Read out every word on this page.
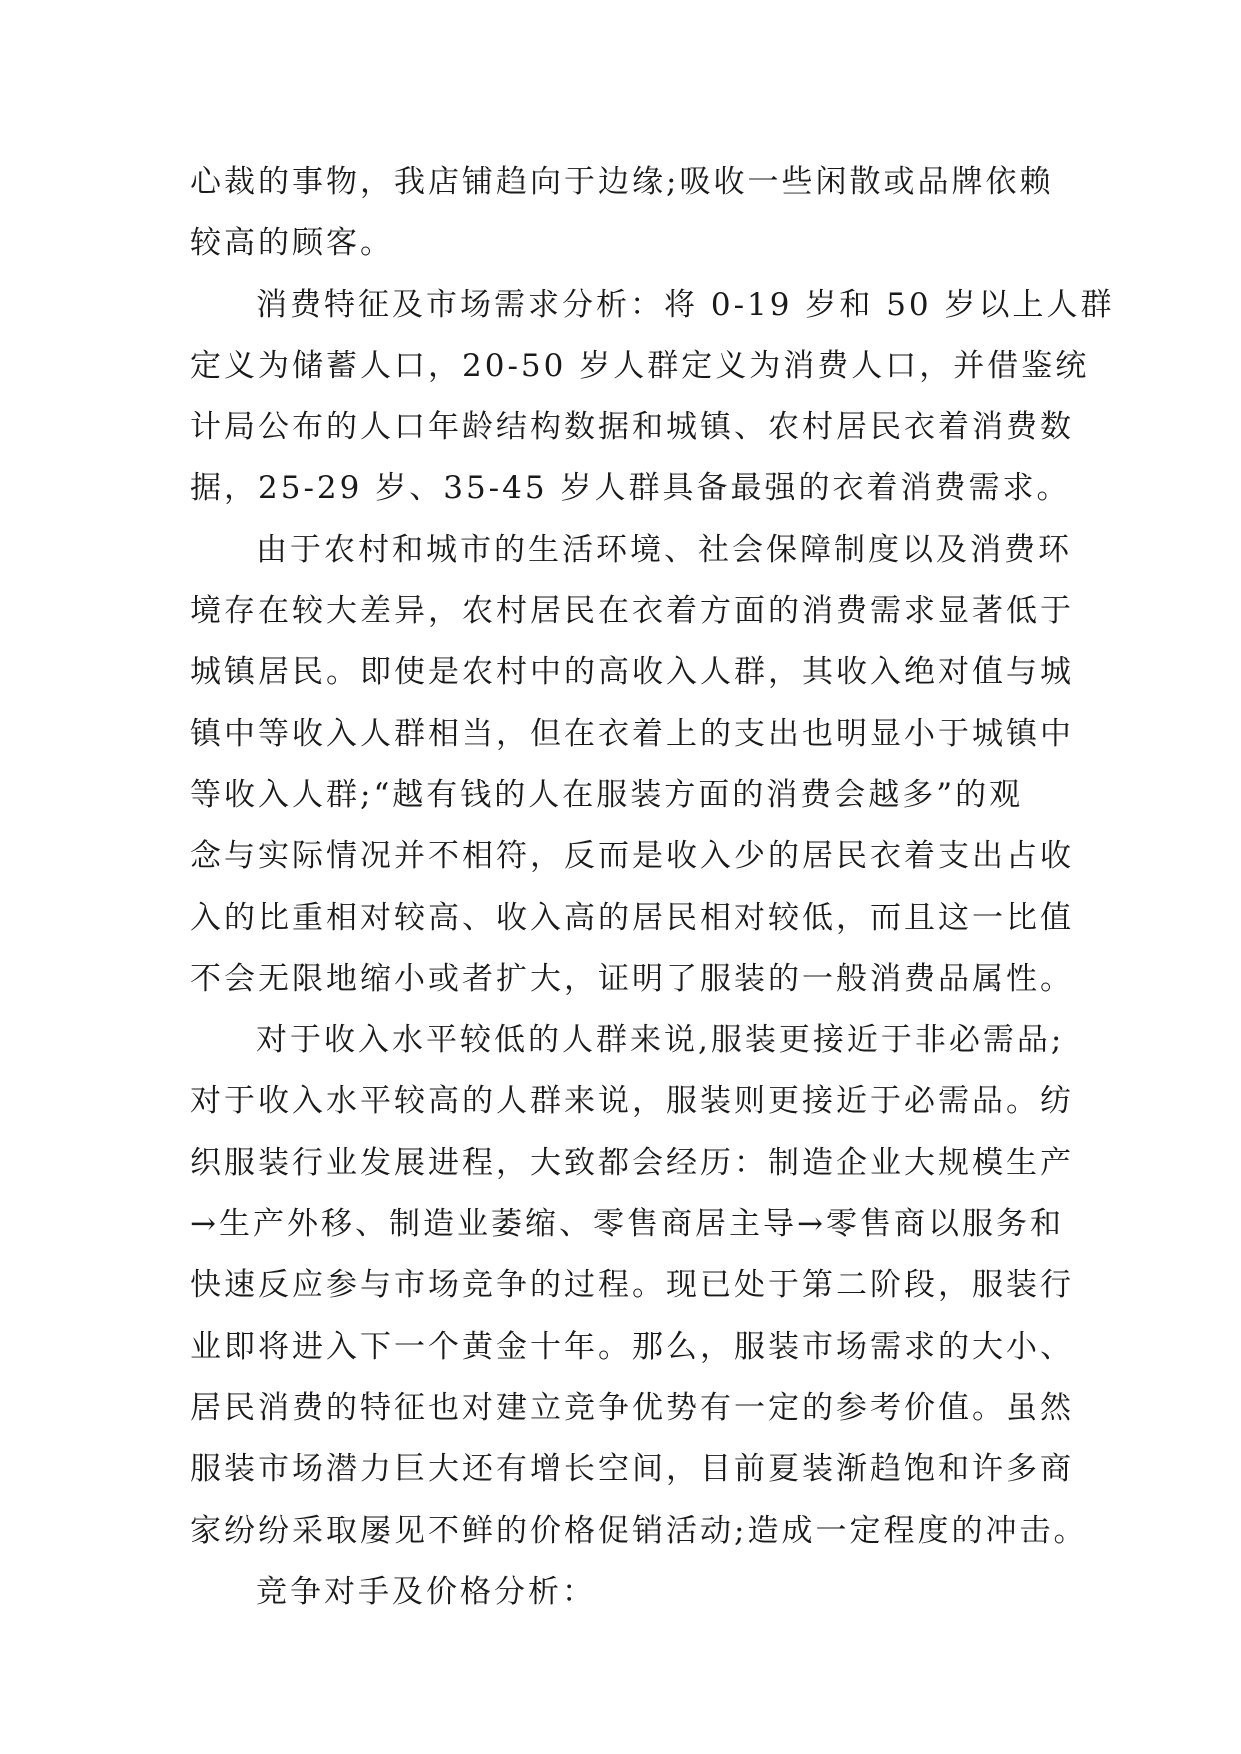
心裁的事物，我店铺趋向于边缘;吸收一些闲散或品牌依赖
较高的顾客。
消费特征及市场需求分析：将 0-19 岁和 50 岁以上人群
定义为储蓄人口，20-50 岁人群定义为消费人口，并借鉴统
计局公布的人口年龄结构数据和城镇、农村居民衣着消费数
据，25-29 岁、35-45 岁人群具备最强的衣着消费需求。
由于农村和城市的生活环境、社会保障制度以及消费环
境存在较大差异，农村居民在衣着方面的消费需求显著低于
城镇居民。即使是农村中的高收入人群，其收入绝对值与城
镇中等收入人群相当，但在衣着上的支出也明显小于城镇中
等收入人群;“越有钱的人在服装方面的消费会越多”的观
念与实际情况并不相符，反而是收入少的居民衣着支出占收
入的比重相对较高、收入高的居民相对较低，而且这一比值
不会无限地缩小或者扩大，证明了服装的一般消费品属性。
对于收入水平较低的人群来说,服装更接近于非必需品;
对于收入水平较高的人群来说，服装则更接近于必需品。纺
织服装行业发展进程，大致都会经历：制造企业大规模生产
→生产外移、制造业萎缩、零售商居主导→零售商以服务和
快速反应参与市场竞争的过程。现已处于第二阶段，服装行
业即将进入下一个黄金十年。那么，服装市场需求的大小、
居民消费的特征也对建立竞争优势有一定的参考价值。虽然
服装市场潜力巨大还有增长空间，目前夏装渐趋饱和许多商
家纷纷采取屡见不鲜的价格促销活动;造成一定程度的冲击。
竞争对手及价格分析：
